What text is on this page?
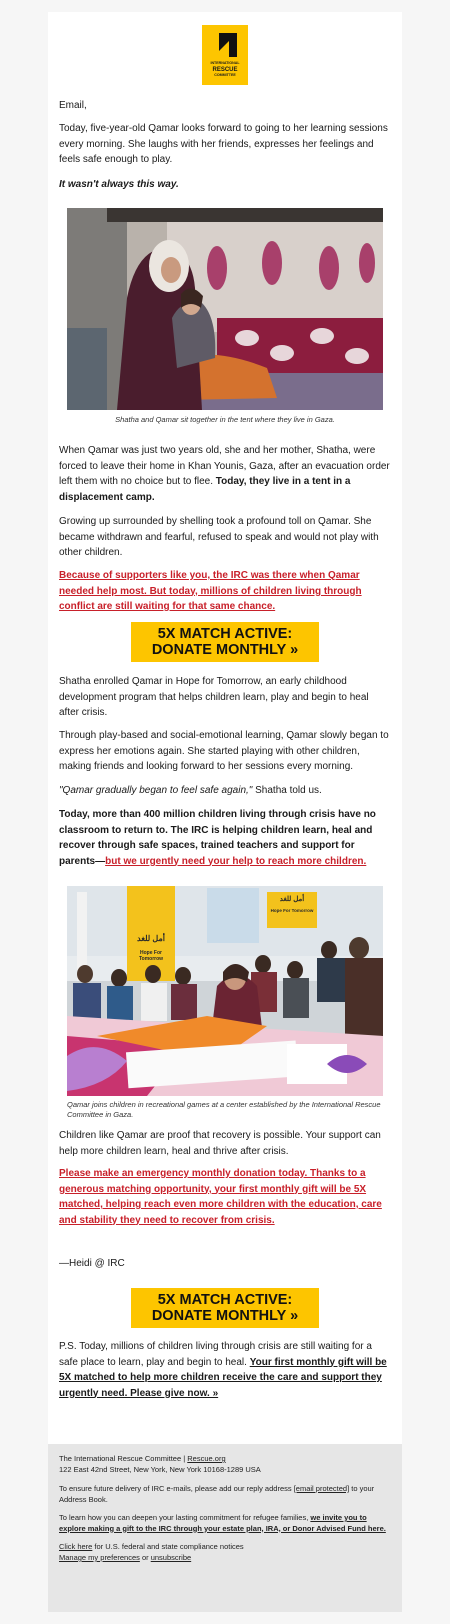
INTERNATIONAL
RESCUE
COMMITTEE
Email,
Today, five-year-old Qamar looks forward to going to her learning sessions every morning. She laughs with her friends, expresses her feelings and feels safe enough to play.
It wasn't always this way.
Shatha and Qamar sit together in the tent where they live in Gaza.
When Qamar was just two years old, she and her mother, Shatha, were forced to leave their home in Khan Younis, Gaza, after an evacuation order left them with no choice but to flee. Today, they live in a tent in a displacement camp.
Growing up surrounded by shelling took a profound toll on Qamar. She became withdrawn and fearful, refused to speak and would not play with other children.
Because of supporters like you, the IRC was there when Qamar needed help most. But today, millions of children living through conflict are still waiting for that same chance.
5X MATCH ACTIVE:
DONATE MONTHLY »
Shatha enrolled Qamar in Hope for Tomorrow, an early childhood development program that helps children learn, play and begin to heal after crisis.
Through play-based and social-emotional learning, Qamar slowly began to express her emotions again. She started playing with other children, making friends and looking forward to her sessions every morning.
"Qamar gradually began to feel safe again," Shatha told us.
Today, more than 400 million children living through crisis have no classroom to return to. The IRC is helping children learn, heal and recover through safe spaces, trained teachers and support for parents—but we urgently need your help to reach more children.
أمل للغد
Hope For Tomorrow
أمل للغد
Hope For Tomorrow
Qamar joins children in recreational games at a center established by the International Rescue Committee in Gaza.
Children like Qamar are proof that recovery is possible. Your support can help more children learn, heal and thrive after crisis.
Please make an emergency monthly donation today. Thanks to a generous matching opportunity, your first monthly gift will be 5X matched, helping reach even more children with the education, care and stability they need to recover from crisis.
—Heidi @ IRC
5X MATCH ACTIVE:
DONATE MONTHLY »
P.S. Today, millions of children living through crisis are still waiting for a safe place to learn, play and begin to heal. Your first monthly gift will be 5X matched to help more children receive the care and support they urgently need. Please give now. »
The International Rescue Committee | Rescue.org
122 East 42nd Street, New York, New York 10168-1289 USA
To ensure future delivery of IRC e-mails, please add our reply address [email protected] to your Address Book.
To learn how you can deepen your lasting commitment for refugee families, we invite you to explore making a gift to the IRC through your estate plan, IRA, or Donor Advised Fund here.
Click here for U.S. federal and state compliance notices
Manage my preferences or unsubscribe
